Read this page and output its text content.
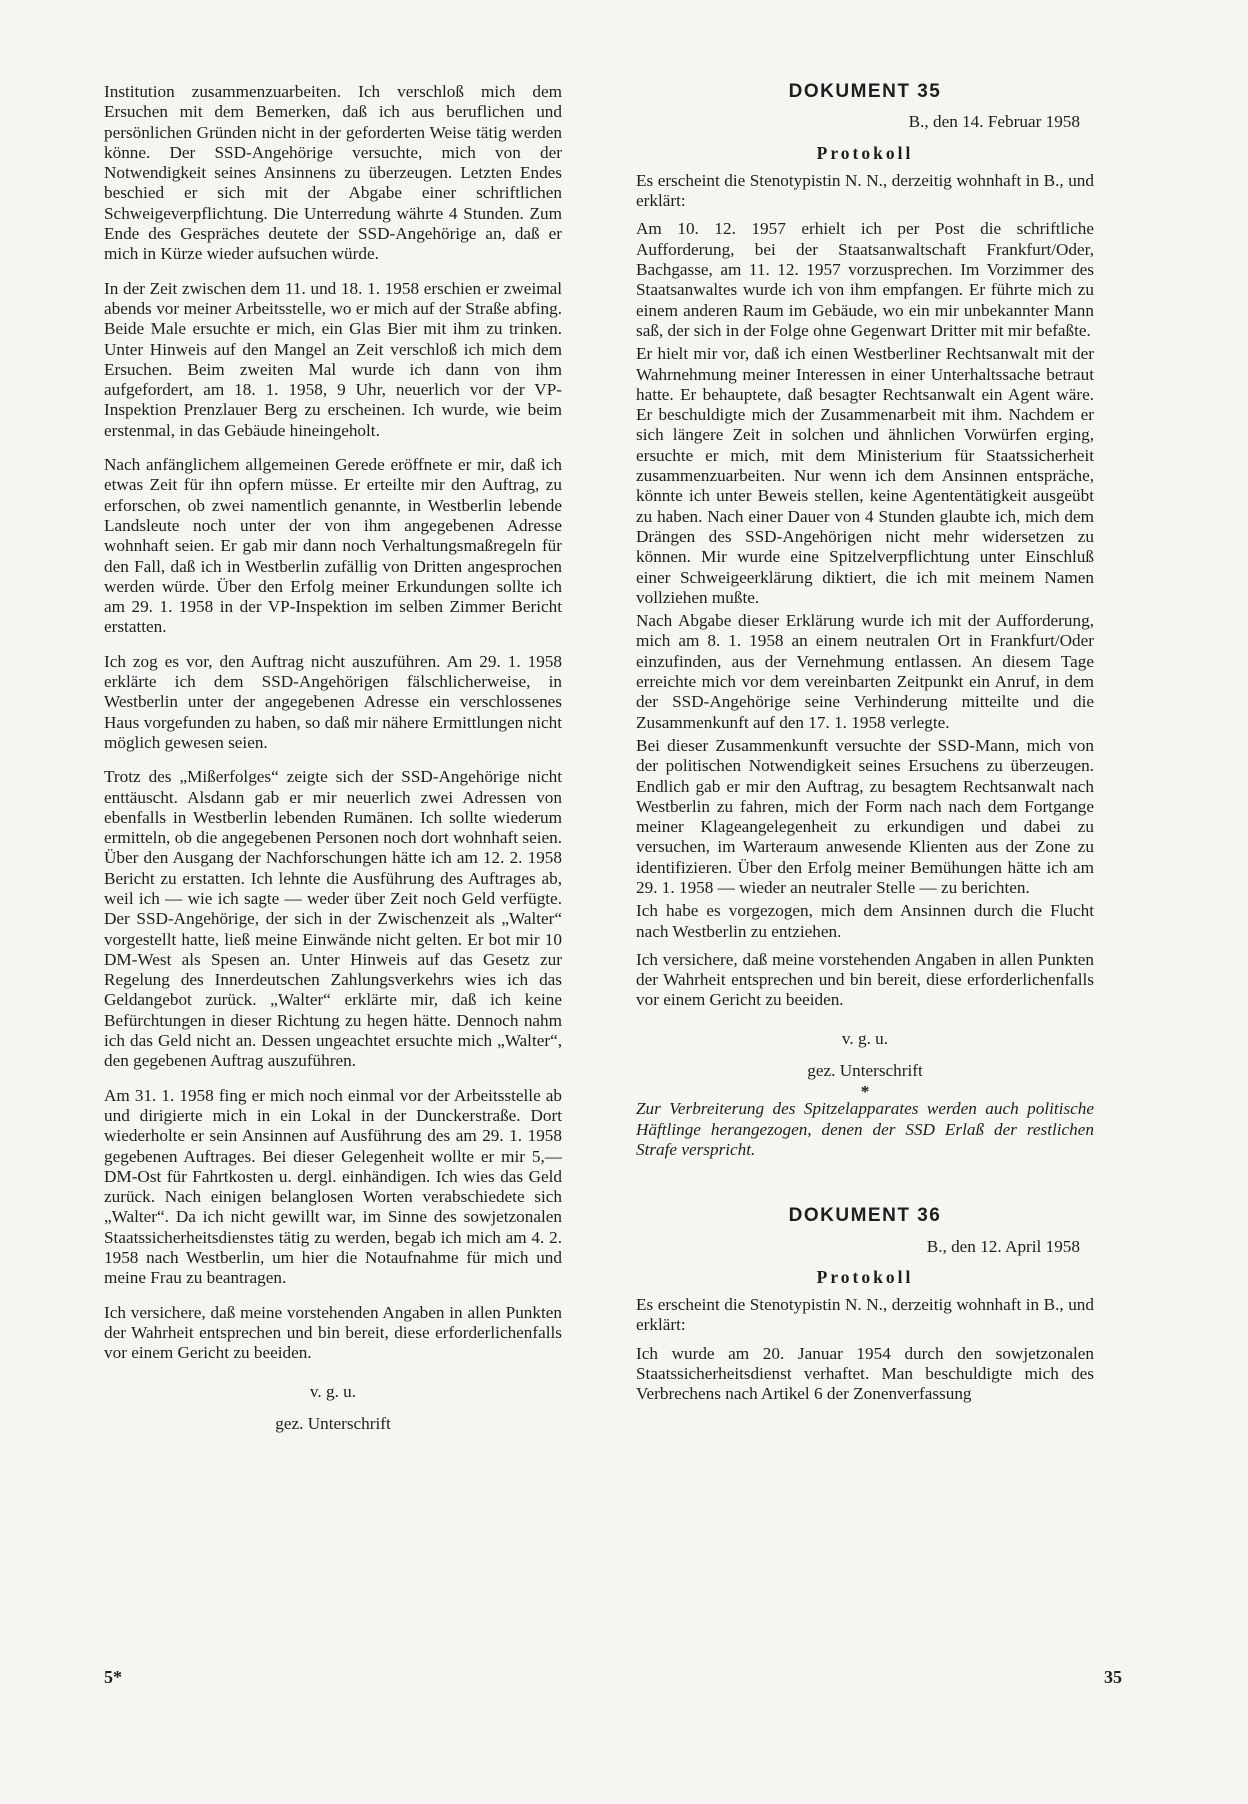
Institution zusammenzuarbeiten. Ich verschloß mich dem Ersuchen mit dem Bemerken, daß ich aus beruflichen und persönlichen Gründen nicht in der geforderten Weise tätig werden könne. Der SSD-Angehörige versuchte, mich von der Notwendigkeit seines Ansinnens zu überzeugen. Letzten Endes beschied er sich mit der Abgabe einer schriftlichen Schweigeverpflichtung. Die Unterredung währte 4 Stunden. Zum Ende des Gespräches deutete der SSD-Angehörige an, daß er mich in Kürze wieder aufsuchen würde.

In der Zeit zwischen dem 11. und 18. 1. 1958 erschien er zweimal abends vor meiner Arbeitsstelle, wo er mich auf der Straße abfing. Beide Male ersuchte er mich, ein Glas Bier mit ihm zu trinken. Unter Hinweis auf den Mangel an Zeit verschloß ich mich dem Ersuchen. Beim zweiten Mal wurde ich dann von ihm aufgefordert, am 18. 1. 1958, 9 Uhr, neuerlich vor der VP-Inspektion Prenzlauer Berg zu erscheinen. Ich wurde, wie beim erstenmal, in das Gebäude hineingeholt.

Nach anfänglichem allgemeinen Gerede eröffnete er mir, daß ich etwas Zeit für ihn opfern müsse. Er erteilte mir den Auftrag, zu erforschen, ob zwei namentlich genannte, in Westberlin lebende Landsleute noch unter der von ihm angegebenen Adresse wohnhaft seien. Er gab mir dann noch Verhaltungsmaßregeln für den Fall, daß ich in Westberlin zufällig von Dritten angesprochen werden würde. Über den Erfolg meiner Erkundungen sollte ich am 29. 1. 1958 in der VP-Inspektion im selben Zimmer Bericht erstatten.

Ich zog es vor, den Auftrag nicht auszuführen. Am 29. 1. 1958 erklärte ich dem SSD-Angehörigen fälschlicherweise, in Westberlin unter der angegebenen Adresse ein verschlossenes Haus vorgefunden zu haben, so daß mir nähere Ermittlungen nicht möglich gewesen seien.

Trotz des „Mißerfolges“ zeigte sich der SSD-Angehörige nicht enttäuscht. Alsdann gab er mir neuerlich zwei Adressen von ebenfalls in Westberlin lebenden Rumänen. Ich sollte wiederum ermitteln, ob die angegebenen Personen noch dort wohnhaft seien. Über den Ausgang der Nachforschungen hätte ich am 12. 2. 1958 Bericht zu erstatten. Ich lehnte die Ausführung des Auftrages ab, weil ich — wie ich sagte — weder über Zeit noch Geld verfügte. Der SSD-Angehörige, der sich in der Zwischenzeit als „Walter“ vorgestellt hatte, ließ meine Einwände nicht gelten. Er bot mir 10 DM-West als Spesen an. Unter Hinweis auf das Gesetz zur Regelung des Innerdeutschen Zahlungsverkehrs wies ich das Geldangebot zurück. „Walter“ erklärte mir, daß ich keine Befürchtungen in dieser Richtung zu hegen hätte. Dennoch nahm ich das Geld nicht an. Dessen ungeachtet ersuchte mich „Walter“, den gegebenen Auftrag auszuführen.

Am 31. 1. 1958 fing er mich noch einmal vor der Arbeitsstelle ab und dirigierte mich in ein Lokal in der Dunckerstraße. Dort wiederholte er sein Ansinnen auf Ausführung des am 29. 1. 1958 gegebenen Auftrages. Bei dieser Gelegenheit wollte er mir 5,— DM-Ost für Fahrtkosten u. dergl. einhändigen. Ich wies das Geld zurück. Nach einigen belanglosen Worten verabschiedete sich „Walter“. Da ich nicht gewillt war, im Sinne des sowjetzonalen Staatssicherheitsdienstes tätig zu werden, begab ich mich am 4. 2. 1958 nach Westberlin, um hier die Notaufnahme für mich und meine Frau zu beantragen.

Ich versichere, daß meine vorstehenden Angaben in allen Punkten der Wahrheit entsprechen und bin bereit, diese erforderlichenfalls vor einem Gericht zu beeiden.

v. g. u.

gez. Unterschrift

DOKUMENT 35
B., den 14. Februar 1958
Protokoll

Es erscheint die Stenotypistin N. N., derzeitig wohnhaft in B., und erklärt:

Am 10. 12. 1957 erhielt ich per Post die schriftliche Aufforderung, bei der Staatsanwaltschaft Frankfurt/Oder, Bachgasse, am 11. 12. 1957 vorzusprechen. Im Vorzimmer des Staatsanwaltes wurde ich von ihm empfangen. Er führte mich zu einem anderen Raum im Gebäude, wo ein mir unbekannter Mann saß, der sich in der Folge ohne Gegenwart Dritter mit mir befaßte.

Er hielt mir vor, daß ich einen Westberliner Rechtsanwalt mit der Wahrnehmung meiner Interessen in einer Unterhaltssache betraut hatte. Er behauptete, daß besagter Rechtsanwalt ein Agent wäre. Er beschuldigte mich der Zusammenarbeit mit ihm. Nachdem er sich längere Zeit in solchen und ähnlichen Vorwürfen erging, ersuchte er mich, mit dem Ministerium für Staatssicherheit zusammenzuarbeiten. Nur wenn ich dem Ansinnen entspräche, könnte ich unter Beweis stellen, keine Agententätigkeit ausgeübt zu haben. Nach einer Dauer von 4 Stunden glaubte ich, mich dem Drängen des SSD-Angehörigen nicht mehr widersetzen zu können. Mir wurde eine Spitzelverpflichtung unter Einschluß einer Schweigeerklärung diktiert, die ich mit meinem Namen vollziehen mußte.

Nach Abgabe dieser Erklärung wurde ich mit der Aufforderung, mich am 8. 1. 1958 an einem neutralen Ort in Frankfurt/Oder einzufinden, aus der Vernehmung entlassen. An diesem Tage erreichte mich vor dem vereinbarten Zeitpunkt ein Anruf, in dem der SSD-Angehörige seine Verhinderung mitteilte und die Zusammenkunft auf den 17. 1. 1958 verlegte.

Bei dieser Zusammenkunft versuchte der SSD-Mann, mich von der politischen Notwendigkeit seines Ersuchens zu überzeugen. Endlich gab er mir den Auftrag, zu besagtem Rechtsanwalt nach Westberlin zu fahren, mich der Form nach nach dem Fortgange meiner Klageangelegenheit zu erkundigen und dabei zu versuchen, im Warteraum anwesende Klienten aus der Zone zu identifizieren. Über den Erfolg meiner Bemühungen hätte ich am 29. 1. 1958 — wieder an neutraler Stelle — zu berichten.

Ich habe es vorgezogen, mich dem Ansinnen durch die Flucht nach Westberlin zu entziehen.

Ich versichere, daß meine vorstehenden Angaben in allen Punkten der Wahrheit entsprechen und bin bereit, diese erforderlichenfalls vor einem Gericht zu beeiden.

v. g. u.

gez. Unterschrift

*

Zur Verbreiterung des Spitzelapparates werden auch politische Häftlinge herangezogen, denen der SSD Erlaß der restlichen Strafe verspricht.

DOKUMENT 36
B., den 12. April 1958
Protokoll

Es erscheint die Stenotypistin N. N., derzeitig wohnhaft in B., und erklärt:

Ich wurde am 20. Januar 1954 durch den sowjetzonalen Staatssicherheitsdienst verhaftet. Man beschuldigte mich des Verbrechens nach Artikel 6 der Zonenverfassung

5*	35
